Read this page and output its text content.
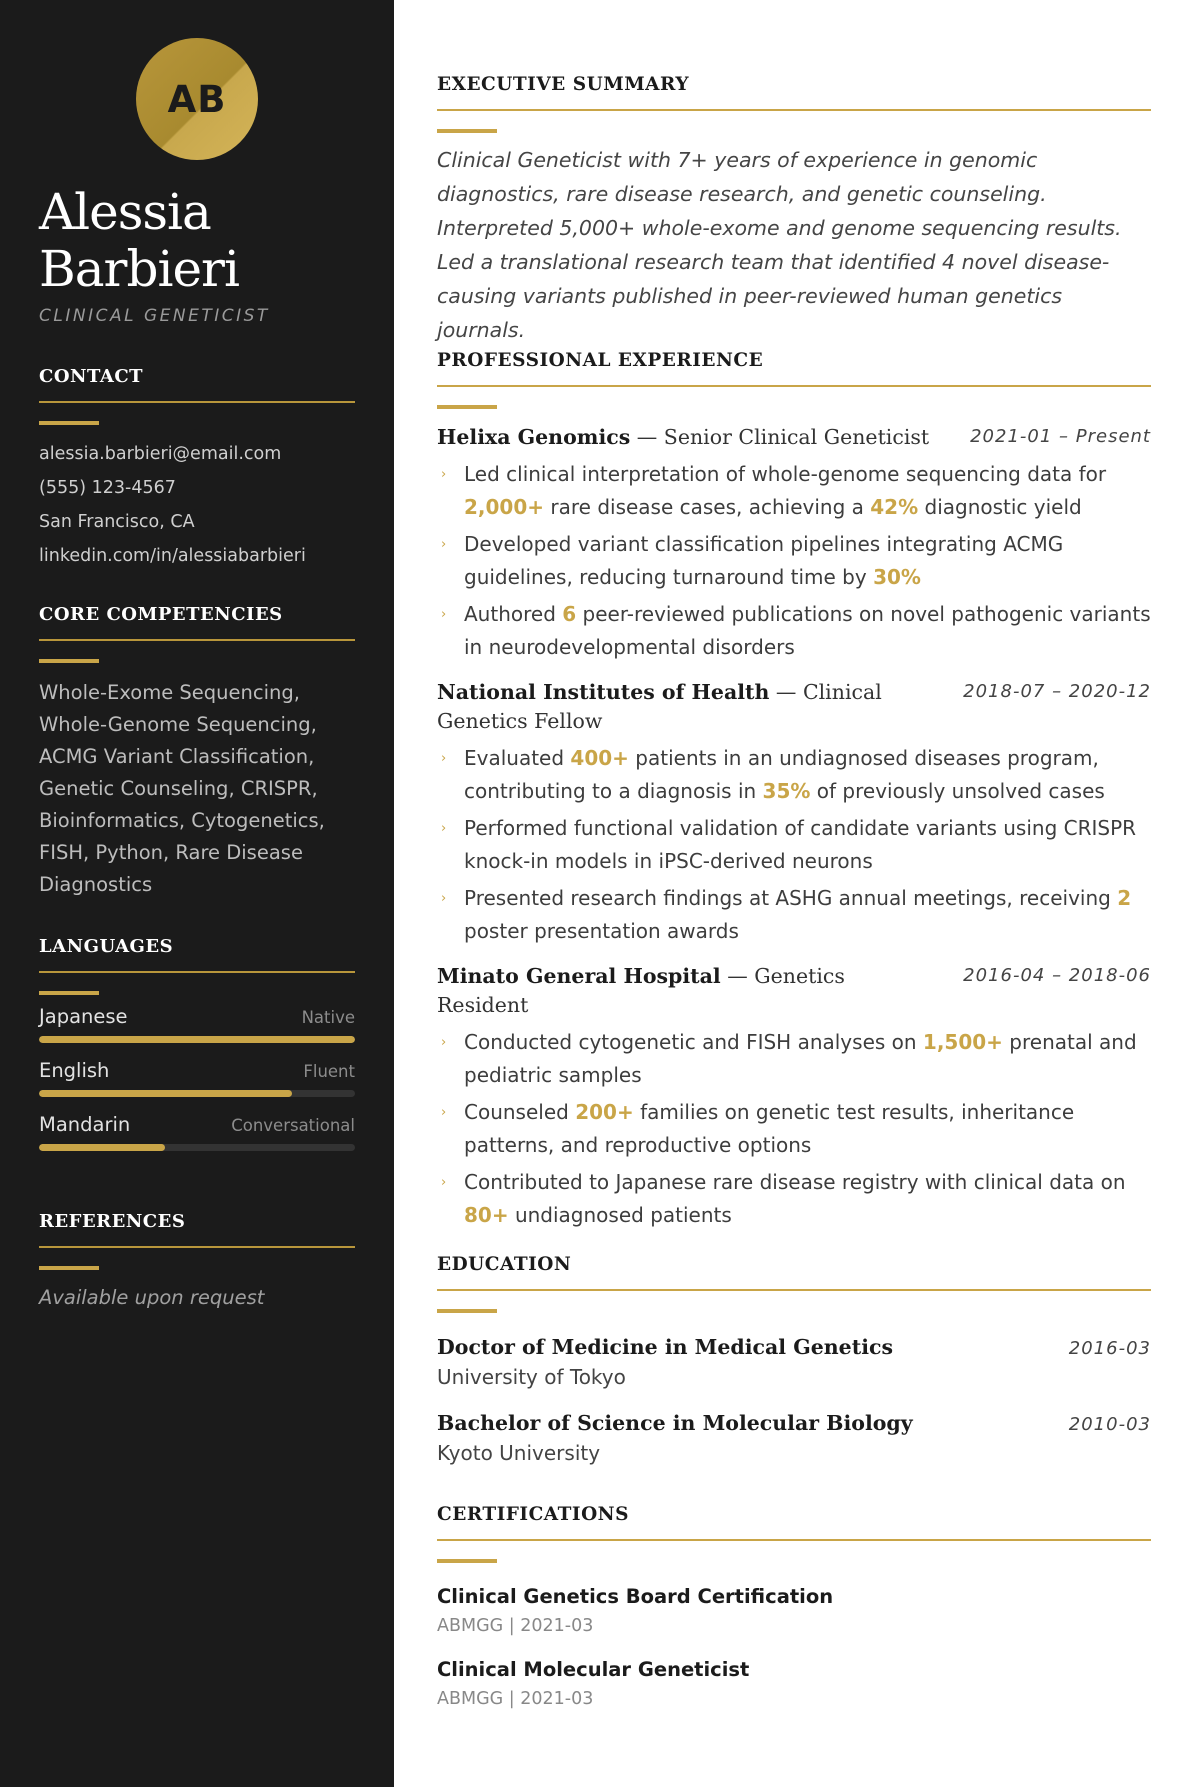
AB
Alessia
Barbieri
CLINICAL GENETICIST
CONTACT
alessia.barbieri@email.com
(555) 123-4567
San Francisco, CA
linkedin.com/in/alessiabarbieri
CORE COMPETENCIES
Whole-Exome Sequencing, Whole-Genome Sequencing, ACMG Variant Classification, Genetic Counseling, CRISPR, Bioinformatics, Cytogenetics, FISH, Python, Rare Disease Diagnostics
LANGUAGES
Japanese	Native
English	Fluent
Mandarin	Conversational
REFERENCES
Available upon request
EXECUTIVE SUMMARY
Clinical Geneticist with 7+ years of experience in genomic diagnostics, rare disease research, and genetic counseling. Interpreted 5,000+ whole-exome and genome sequencing results. Led a translational research team that identified 4 novel disease-causing variants published in peer-reviewed human genetics journals.
PROFESSIONAL EXPERIENCE
Helixa Genomics — Senior Clinical Geneticist 2021-01 – Present
› Led clinical interpretation of whole-genome sequencing data for 2,000+ rare disease cases, achieving a 42% diagnostic yield
› Developed variant classification pipelines integrating ACMG guidelines, reducing turnaround time by 30%
› Authored 6 peer-reviewed publications on novel pathogenic variants in neurodevelopmental disorders
National Institutes of Health — Clinical Genetics Fellow
2018-07 – 2020-12
› Evaluated 400+ patients in an undiagnosed diseases program, contributing to a diagnosis in 35% of previously unsolved cases
› Performed functional validation of candidate variants using CRISPR knock-in models in iPSC-derived neurons
› Presented research findings at ASHG annual meetings, receiving 2 poster presentation awards
Minato General Hospital — Genetics Resident
2016-04 – 2018-06
› Conducted cytogenetic and FISH analyses on 1,500+ prenatal and pediatric samples
› Counseled 200+ families on genetic test results, inheritance patterns, and reproductive options
› Contributed to Japanese rare disease registry with clinical data on 80+ undiagnosed patients
EDUCATION
Doctor of Medicine in Medical Genetics	2016-03
University of Tokyo
Bachelor of Science in Molecular Biology	2010-03
Kyoto University
CERTIFICATIONS
Clinical Genetics Board Certification
ABMGG | 2021-03
Clinical Molecular Geneticist
ABMGG | 2021-03
